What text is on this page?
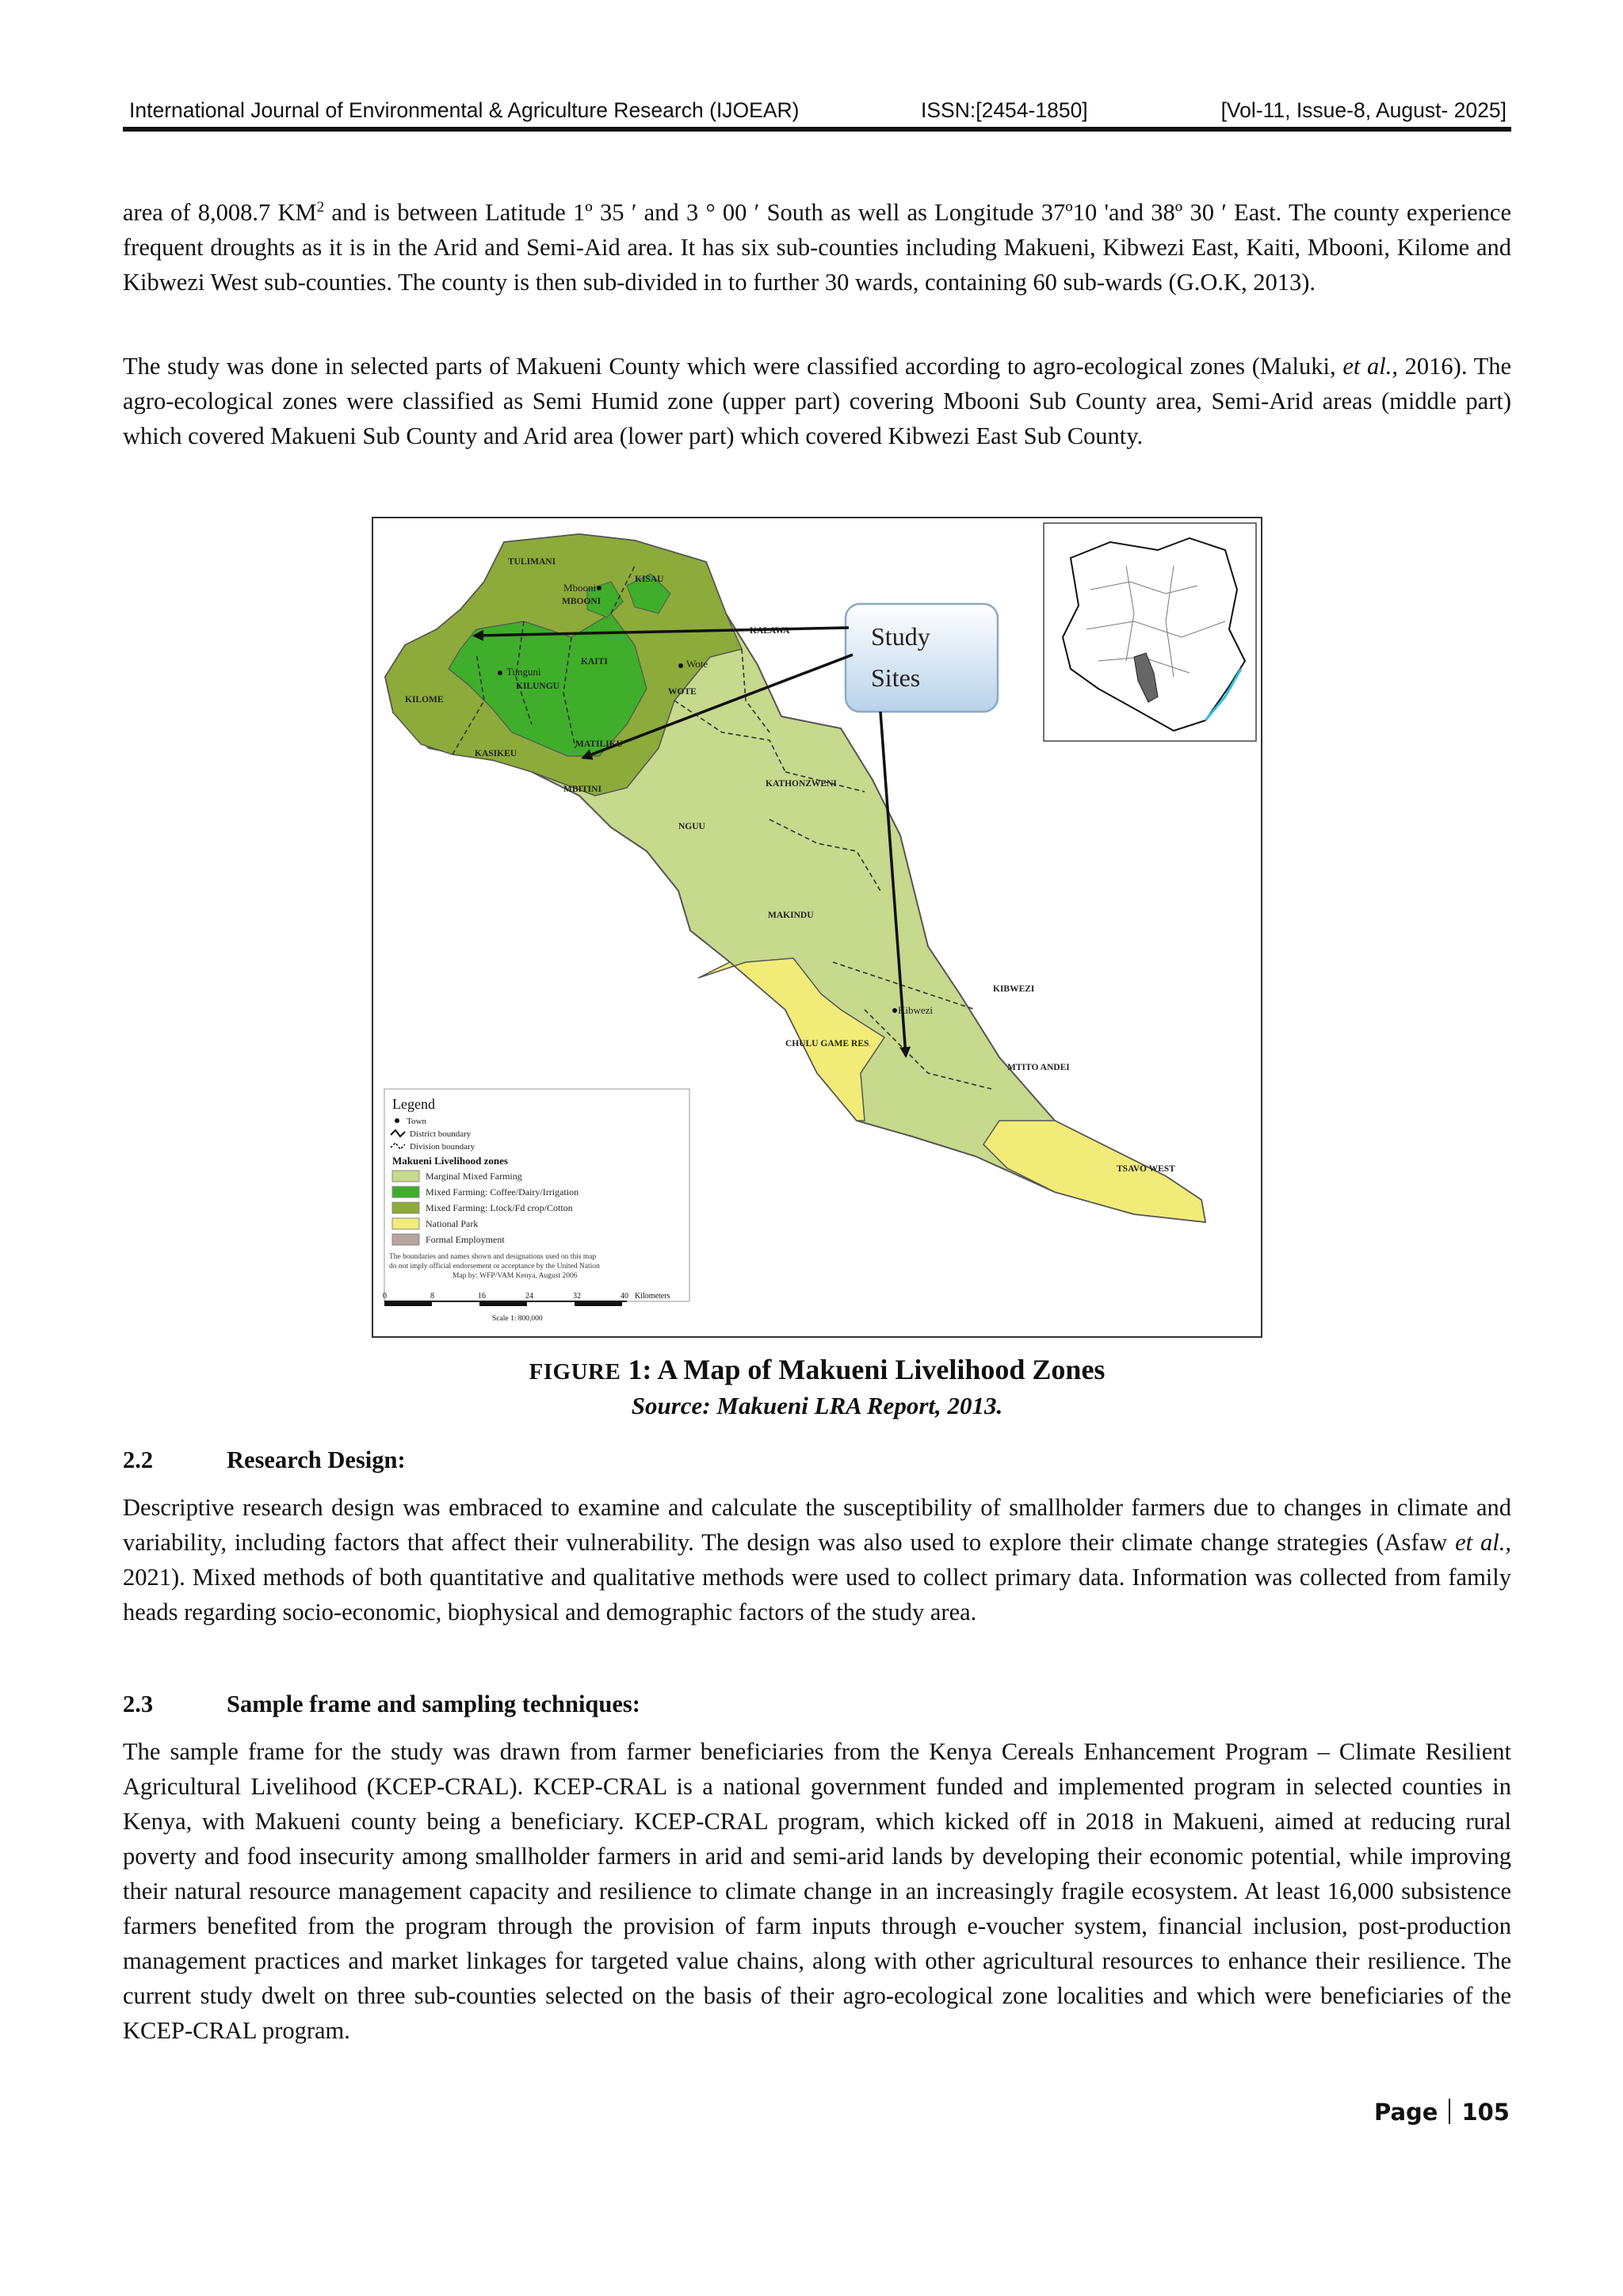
International Journal of Environmental & Agriculture Research (IJOEAR)	ISSN:[2454-1850]	[Vol-11, Issue-8, August- 2025]

area of 8,008.7 $KM^2$ and is between Latitude 1º 35 ′ and 3 ° 00 ′ South as well as Longitude 37º10 'and 38º 30 ′ East. The county experience frequent droughts as it is in the Arid and Semi-Aid area. It has six sub-counties including Makueni, Kibwezi East, Kaiti, Mbooni, Kilome and Kibwezi West sub-counties. The county is then sub-divided in to further 30 wards, containing 60 sub-wards (G.O.K, 2013).

The study was done in selected parts of Makueni County which were classified according to agro-ecological zones (Maluki, et al., 2016). The agro-ecological zones were classified as Semi Humid zone (upper part) covering Mbooni Sub County area, Semi-Arid areas (middle part) which covered Makueni Sub County and Arid area (lower part) which covered Kibwezi East Sub County.

TULIMANI
KISAU
Mbooni
MBOONI
KALAWA
KAITI	Wote
Tunguni
KILUNGU
KILOME
WOTE
KASIKEU
MATILIKU
MBITINI
KATHONZWENI
NGUU
MAKINDU
KIBWEZI
Kibwezi
CHULU GAME RES
MTITO ANDEI
TSAVO WEST
Study
Sites
Legend
Town
District boundary
Division boundary
Makueni Livelihood zones
Marginal Mixed Farming
Mixed Farming: Coffee/Dairy/Irrigation
Mixed Farming: Ltock/Fd crop/Cotton
National Park
Formal Employment
The boundaries and names shown and designations used on this map
do not imply official endorsement or acceptance by the United Nation
Map by: WFP/VAM Kenya, August 2006
0	8	16	24	32	40 Kilometers
Scale 1: 800,000

FIGURE 1: A Map of Makueni Livelihood Zones

Source: Makueni LRA Report, 2013.

2.2	Research Design:

Descriptive research design was embraced to examine and calculate the susceptibility of smallholder farmers due to changes in climate and variability, including factors that affect their vulnerability. The design was also used to explore their climate change strategies (Asfaw et al., 2021). Mixed methods of both quantitative and qualitative methods were used to collect primary data. Information was collected from family heads regarding socio-economic, biophysical and demographic factors of the study area.

2.3	Sample frame and sampling techniques:

The sample frame for the study was drawn from farmer beneficiaries from the Kenya Cereals Enhancement Program – Climate Resilient Agricultural Livelihood (KCEP-CRAL). KCEP-CRAL is a national government funded and implemented program in selected counties in Kenya, with Makueni county being a beneficiary. KCEP-CRAL program, which kicked off in 2018 in Makueni, aimed at reducing rural poverty and food insecurity among smallholder farmers in arid and semi-arid lands by developing their economic potential, while improving their natural resource management capacity and resilience to climate change in an increasingly fragile ecosystem. At least 16,000 subsistence farmers benefited from the program through the provision of farm inputs through e-voucher system, financial inclusion, post-production management practices and market linkages for targeted value chains, along with other agricultural resources to enhance their resilience. The current study dwelt on three sub-counties selected on the basis of their agro-ecological zone localities and which were beneficiaries of the KCEP-CRAL program.

Page 105
